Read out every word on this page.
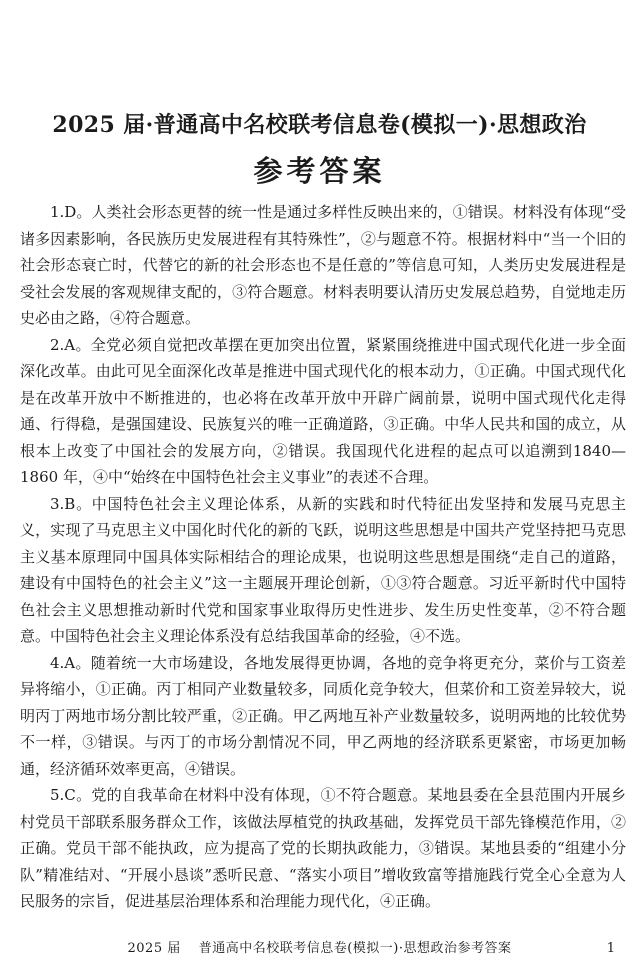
2025 届·普通高中名校联考信息卷(模拟一)·思想政治
参考答案

1.D。人类社会形态更替的统一性是通过多样性反映出来的，①错误。材料没有体现“受诸多因素影响，各民族历史发展进程有其特殊性”，②与题意不符。根据材料中“当一个旧的社会形态衰亡时，代替它的新的社会形态也不是任意的”等信息可知，人类历史发展进程是受社会发展的客观规律支配的，③符合题意。材料表明要认清历史发展总趋势，自觉地走历史必由之路，④符合题意。

2.A。全党必须自觉把改革摆在更加突出位置，紧紧围绕推进中国式现代化进一步全面深化改革。由此可见全面深化改革是推进中国式现代化的根本动力，①正确。中国式现代化是在改革开放中不断推进的，也必将在改革开放中开辟广阔前景，说明中国式现代化走得通、行得稳，是强国建设、民族复兴的唯一正确道路，③正确。中华人民共和国的成立，从根本上改变了中国社会的发展方向，②错误。我国现代化进程的起点可以追溯到1840—1860 年，④中“始终在中国特色社会主义事业”的表述不合理。

3.B。中国特色社会主义理论体系，从新的实践和时代特征出发坚持和发展马克思主义，实现了马克思主义中国化时代化的新的飞跃，说明这些思想是中国共产党坚持把马克思主义基本原理同中国具体实际相结合的理论成果，也说明这些思想是围绕“走自己的道路，建设有中国特色的社会主义”这一主题展开理论创新，①③符合题意。习近平新时代中国特色社会主义思想推动新时代党和国家事业取得历史性进步、发生历史性变革，②不符合题意。中国特色社会主义理论体系没有总结我国革命的经验，④不选。

4.A。随着统一大市场建设，各地发展得更协调，各地的竞争将更充分，菜价与工资差异将缩小，①正确。丙丁相同产业数量较多，同质化竞争较大，但菜价和工资差异较大，说明丙丁两地市场分割比较严重，②正确。甲乙两地互补产业数量较多，说明两地的比较优势不一样，③错误。与丙丁的市场分割情况不同，甲乙两地的经济联系更紧密，市场更加畅通，经济循环效率更高，④错误。

5.C。党的自我革命在材料中没有体现，①不符合题意。某地县委在全县范围内开展乡村党员干部联系服务群众工作，该做法厚植党的执政基础，发挥党员干部先锋模范作用，②正确。党员干部不能执政，应为提高了党的长期执政能力，③错误。某地县委的“组建小分队”精准结对、“开展小恳谈”悉听民意、“落实小项目”增收致富等措施践行党全心全意为人民服务的宗旨，促进基层治理体系和治理能力现代化，④正确。

2025 届 普通高中名校联考信息卷(模拟一)·思想政治参考答案	1
